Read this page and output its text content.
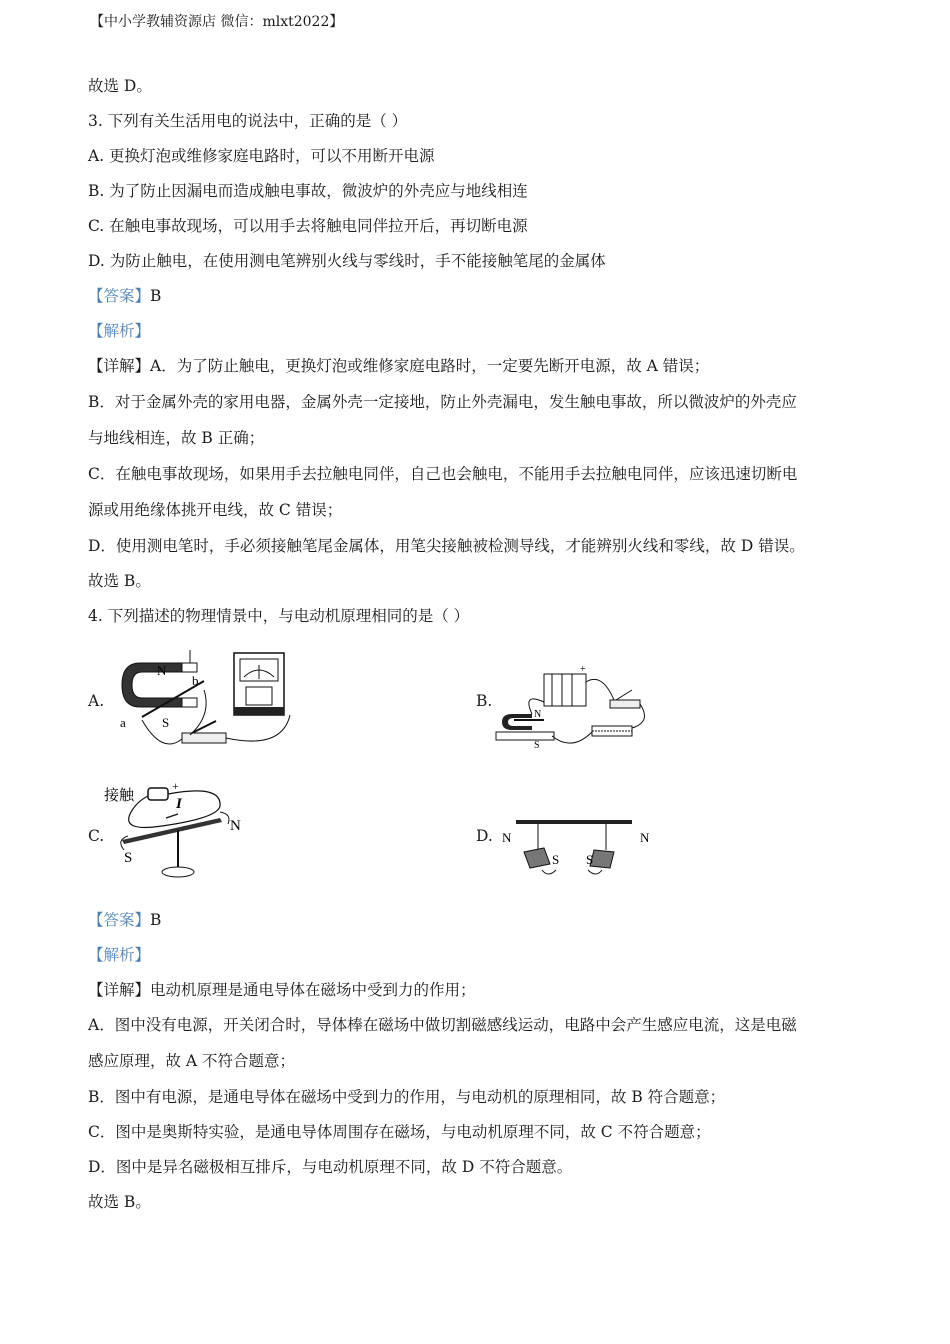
【中小学教辅资源店 微信：mlxt2022】
故选 D。
3. 下列有关生活用电的说法中，正确的是（ ）
A. 更换灯泡或维修家庭电路时，可以不用断开电源
B. 为了防止因漏电而造成触电事故，微波炉的外壳应与地线相连
C. 在触电事故现场，可以用手去将触电同伴拉开后，再切断电源
D. 为防止触电，在使用测电笔辨别火线与零线时，手不能接触笔尾的金属体
【答案】B
【解析】
【详解】A．为了防止触电，更换灯泡或维修家庭电路时，一定要先断开电源，故 A 错误；
B．对于金属外壳的家用电器，金属外壳一定接地，防止外壳漏电，发生触电事故，所以微波炉的外壳应
与地线相连，故 B 正确；
C．在触电事故现场，如果用手去拉触电同伴，自己也会触电，不能用手去拉触电同伴，应该迅速切断电
源或用绝缘体挑开电线，故 C 错误；
D．使用测电笔时，手必须接触笔尾金属体，用笔尖接触被检测导线，才能辨别火线和零线，故 D 错误。
故选 B。
4. 下列描述的物理情景中，与电动机原理相同的是（ ）
A.
N
S
a
b
B.
+
N
S
C.
接触
+
I
N
S
D. N
S S
N
【答案】B
【解析】
【详解】电动机原理是通电导体在磁场中受到力的作用；
A．图中没有电源，开关闭合时，导体棒在磁场中做切割磁感线运动，电路中会产生感应电流，这是电磁
感应原理，故 A 不符合题意；
B．图中有电源，是通电导体在磁场中受到力的作用，与电动机的原理相同，故 B 符合题意；
C．图中是奥斯特实验，是通电导体周围存在磁场，与电动机原理不同，故 C 不符合题意；
D．图中是异名磁极相互排斥，与电动机原理不同，故 D 不符合题意。
故选 B。
